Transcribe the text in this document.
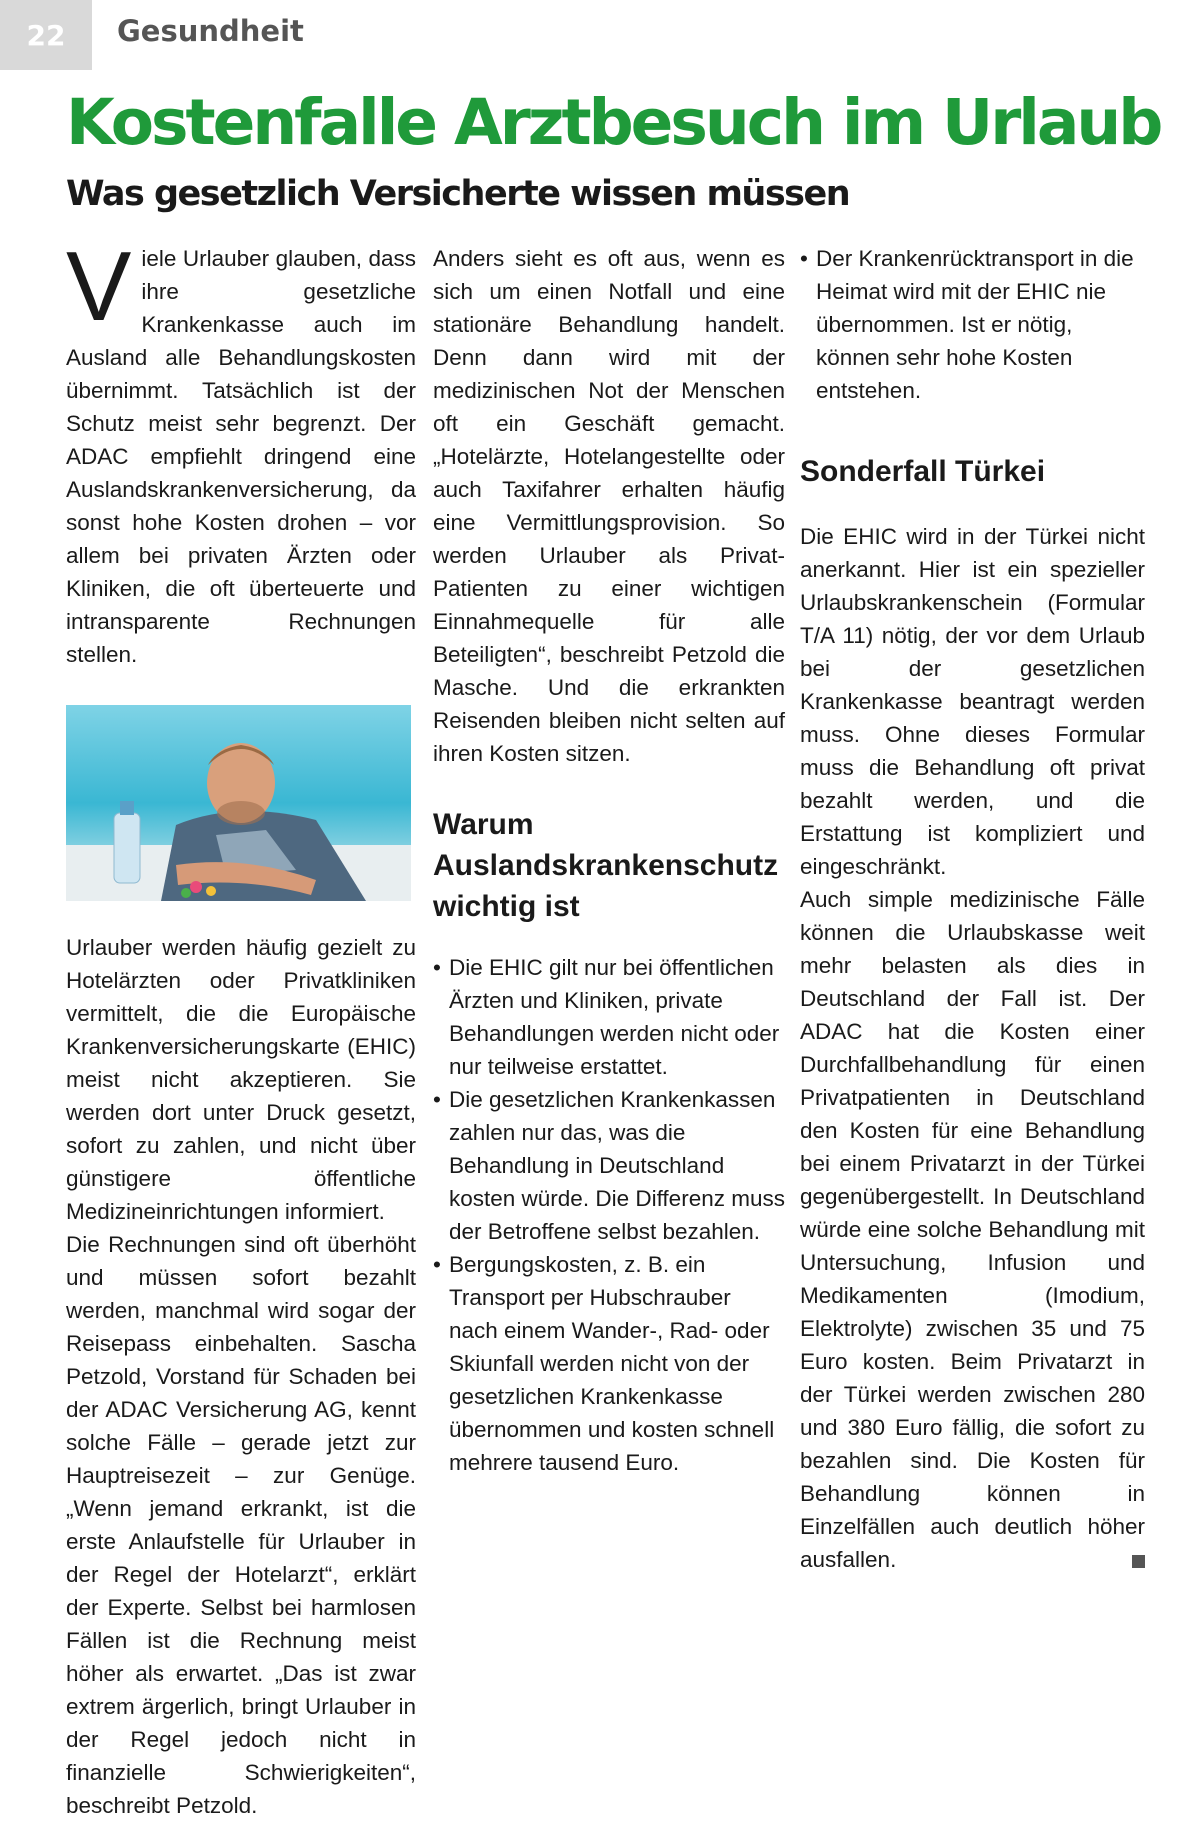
22	Gesundheit
Kostenfalle Arztbesuch im Urlaub
Was gesetzlich Versicherte wissen müssen

Viele Urlauber glauben, dass ihre gesetzliche Krankenkasse auch im Ausland alle Behandlungskosten übernimmt. Tatsächlich ist der Schutz meist sehr begrenzt. Der ADAC empfiehlt dringend eine Auslandskrankenversicherung, da sonst hohe Kosten drohen – vor allem bei privaten Ärzten oder Kliniken, die oft überteuerte und intransparente Rechnungen stellen.

Urlauber werden häufig gezielt zu Hotelärzten oder Privatkliniken vermittelt, die die Europäische Krankenversicherungskarte (EHIC) meist nicht akzeptieren. Sie werden dort unter Druck gesetzt, sofort zu zahlen, und nicht über günstigere öffentliche Medizineinrichtungen informiert.

Die Rechnungen sind oft überhöht und müssen sofort bezahlt werden, manchmal wird sogar der Reisepass einbehalten. Sascha Petzold, Vorstand für Schaden bei der ADAC Versicherung AG, kennt solche Fälle – gerade jetzt zur Hauptreisezeit – zur Genüge. „Wenn jemand erkrankt, ist die erste Anlaufstelle für Urlauber in der Regel der Hotelarzt“, erklärt der Experte. Selbst bei harmlosen Fällen ist die Rechnung meist höher als erwartet. „Das ist zwar extrem ärgerlich, bringt Urlauber in der Regel jedoch nicht in finanzielle Schwierigkeiten“, beschreibt Petzold.

Anders sieht es oft aus, wenn es sich um einen Notfall und eine stationäre Behandlung handelt. Denn dann wird mit der medizinischen Not der Menschen oft ein Geschäft gemacht. „Hotelärzte, Hotelangestellte oder auch Taxifahrer erhalten häufig eine Vermittlungsprovision. So werden Urlauber als Privat-Patienten zu einer wichtigen Einnahmequelle für alle Beteiligten“, beschreibt Petzold die Masche. Und die erkrankten Reisenden bleiben nicht selten auf ihren Kosten sitzen.

Warum Auslandskrankenschutz wichtig ist
• Die EHIC gilt nur bei öffentlichen Ärzten und Kliniken, private Behandlungen werden nicht oder nur teilweise erstattet.
• Die gesetzlichen Krankenkassen zahlen nur das, was die Behandlung in Deutschland kosten würde. Die Differenz muss der Betroffene selbst bezahlen.
• Bergungskosten, z. B. ein Transport per Hubschrauber nach einem Wander-, Rad- oder Skiunfall werden nicht von der gesetzlichen Krankenkasse übernommen und kosten schnell mehrere tausend Euro.
• Der Krankenrücktransport in die Heimat wird mit der EHIC nie übernommen. Ist er nötig, können sehr hohe Kosten entstehen.
Sonderfall Türkei

Die EHIC wird in der Türkei nicht anerkannt. Hier ist ein spezieller Urlaubskrankenschein (Formular T/A 11) nötig, der vor dem Urlaub bei der gesetzlichen Krankenkasse beantragt werden muss. Ohne dieses Formular muss die Behandlung oft privat bezahlt werden, und die Erstattung ist kompliziert und eingeschränkt.

Auch simple medizinische Fälle können die Urlaubskasse weit mehr belasten als dies in Deutschland der Fall ist. Der ADAC hat die Kosten einer Durchfallbehandlung für einen Privatpatienten in Deutschland den Kosten für eine Behandlung bei einem Privatarzt in der Türkei gegenübergestellt. In Deutschland würde eine solche Behandlung mit Untersuchung, Infusion und Medikamenten (Imodium, Elektrolyte) zwischen 35 und 75 Euro kosten. Beim Privatarzt in der Türkei werden zwischen 280 und 380 Euro fällig, die sofort zu bezahlen sind. Die Kosten für Behandlung können in Einzelfällen auch deutlich höher ausfallen.
